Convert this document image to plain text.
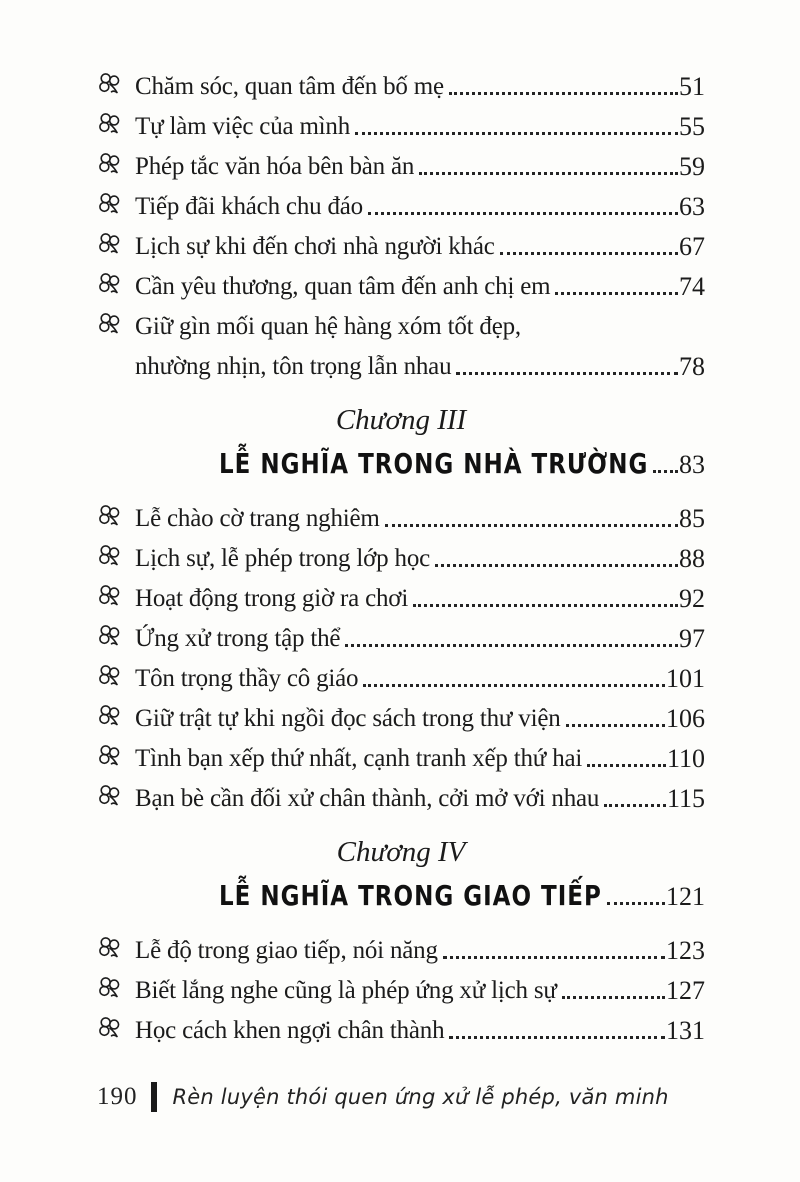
Chăm sóc, quan tâm đến bố mẹ	51
Tự làm việc của mình	55
Phép tắc văn hóa bên bàn ăn	59
Tiếp đãi khách chu đáo	63
Lịch sự khi đến chơi nhà người khác	67
Cần yêu thương, quan tâm đến anh chị em	74
Giữ gìn mối quan hệ hàng xóm tốt đẹp,
nhường nhịn, tôn trọng lẫn nhau	78
Chương III
LỄ NGHĨA TRONG NHÀ TRƯỜNG 83
Lễ chào cờ trang nghiêm	85
Lịch sự, lễ phép trong lớp học	88
Hoạt động trong giờ ra chơi	92
Ứng xử trong tập thể	97
Tôn trọng thầy cô giáo	101
Giữ trật tự khi ngồi đọc sách trong thư viện	106
Tình bạn xếp thứ nhất, cạnh tranh xếp thứ hai	110
Bạn bè cần đối xử chân thành, cởi mở với nhau	115
Chương IV
LỄ NGHĨA TRONG GIAO TIẾP 121
Lễ độ trong giao tiếp, nói năng	123
Biết lắng nghe cũng là phép ứng xử lịch sự	127
Học cách khen ngợi chân thành	131
190 Rèn luyện thói quen ứng xử lễ phép, văn minh
